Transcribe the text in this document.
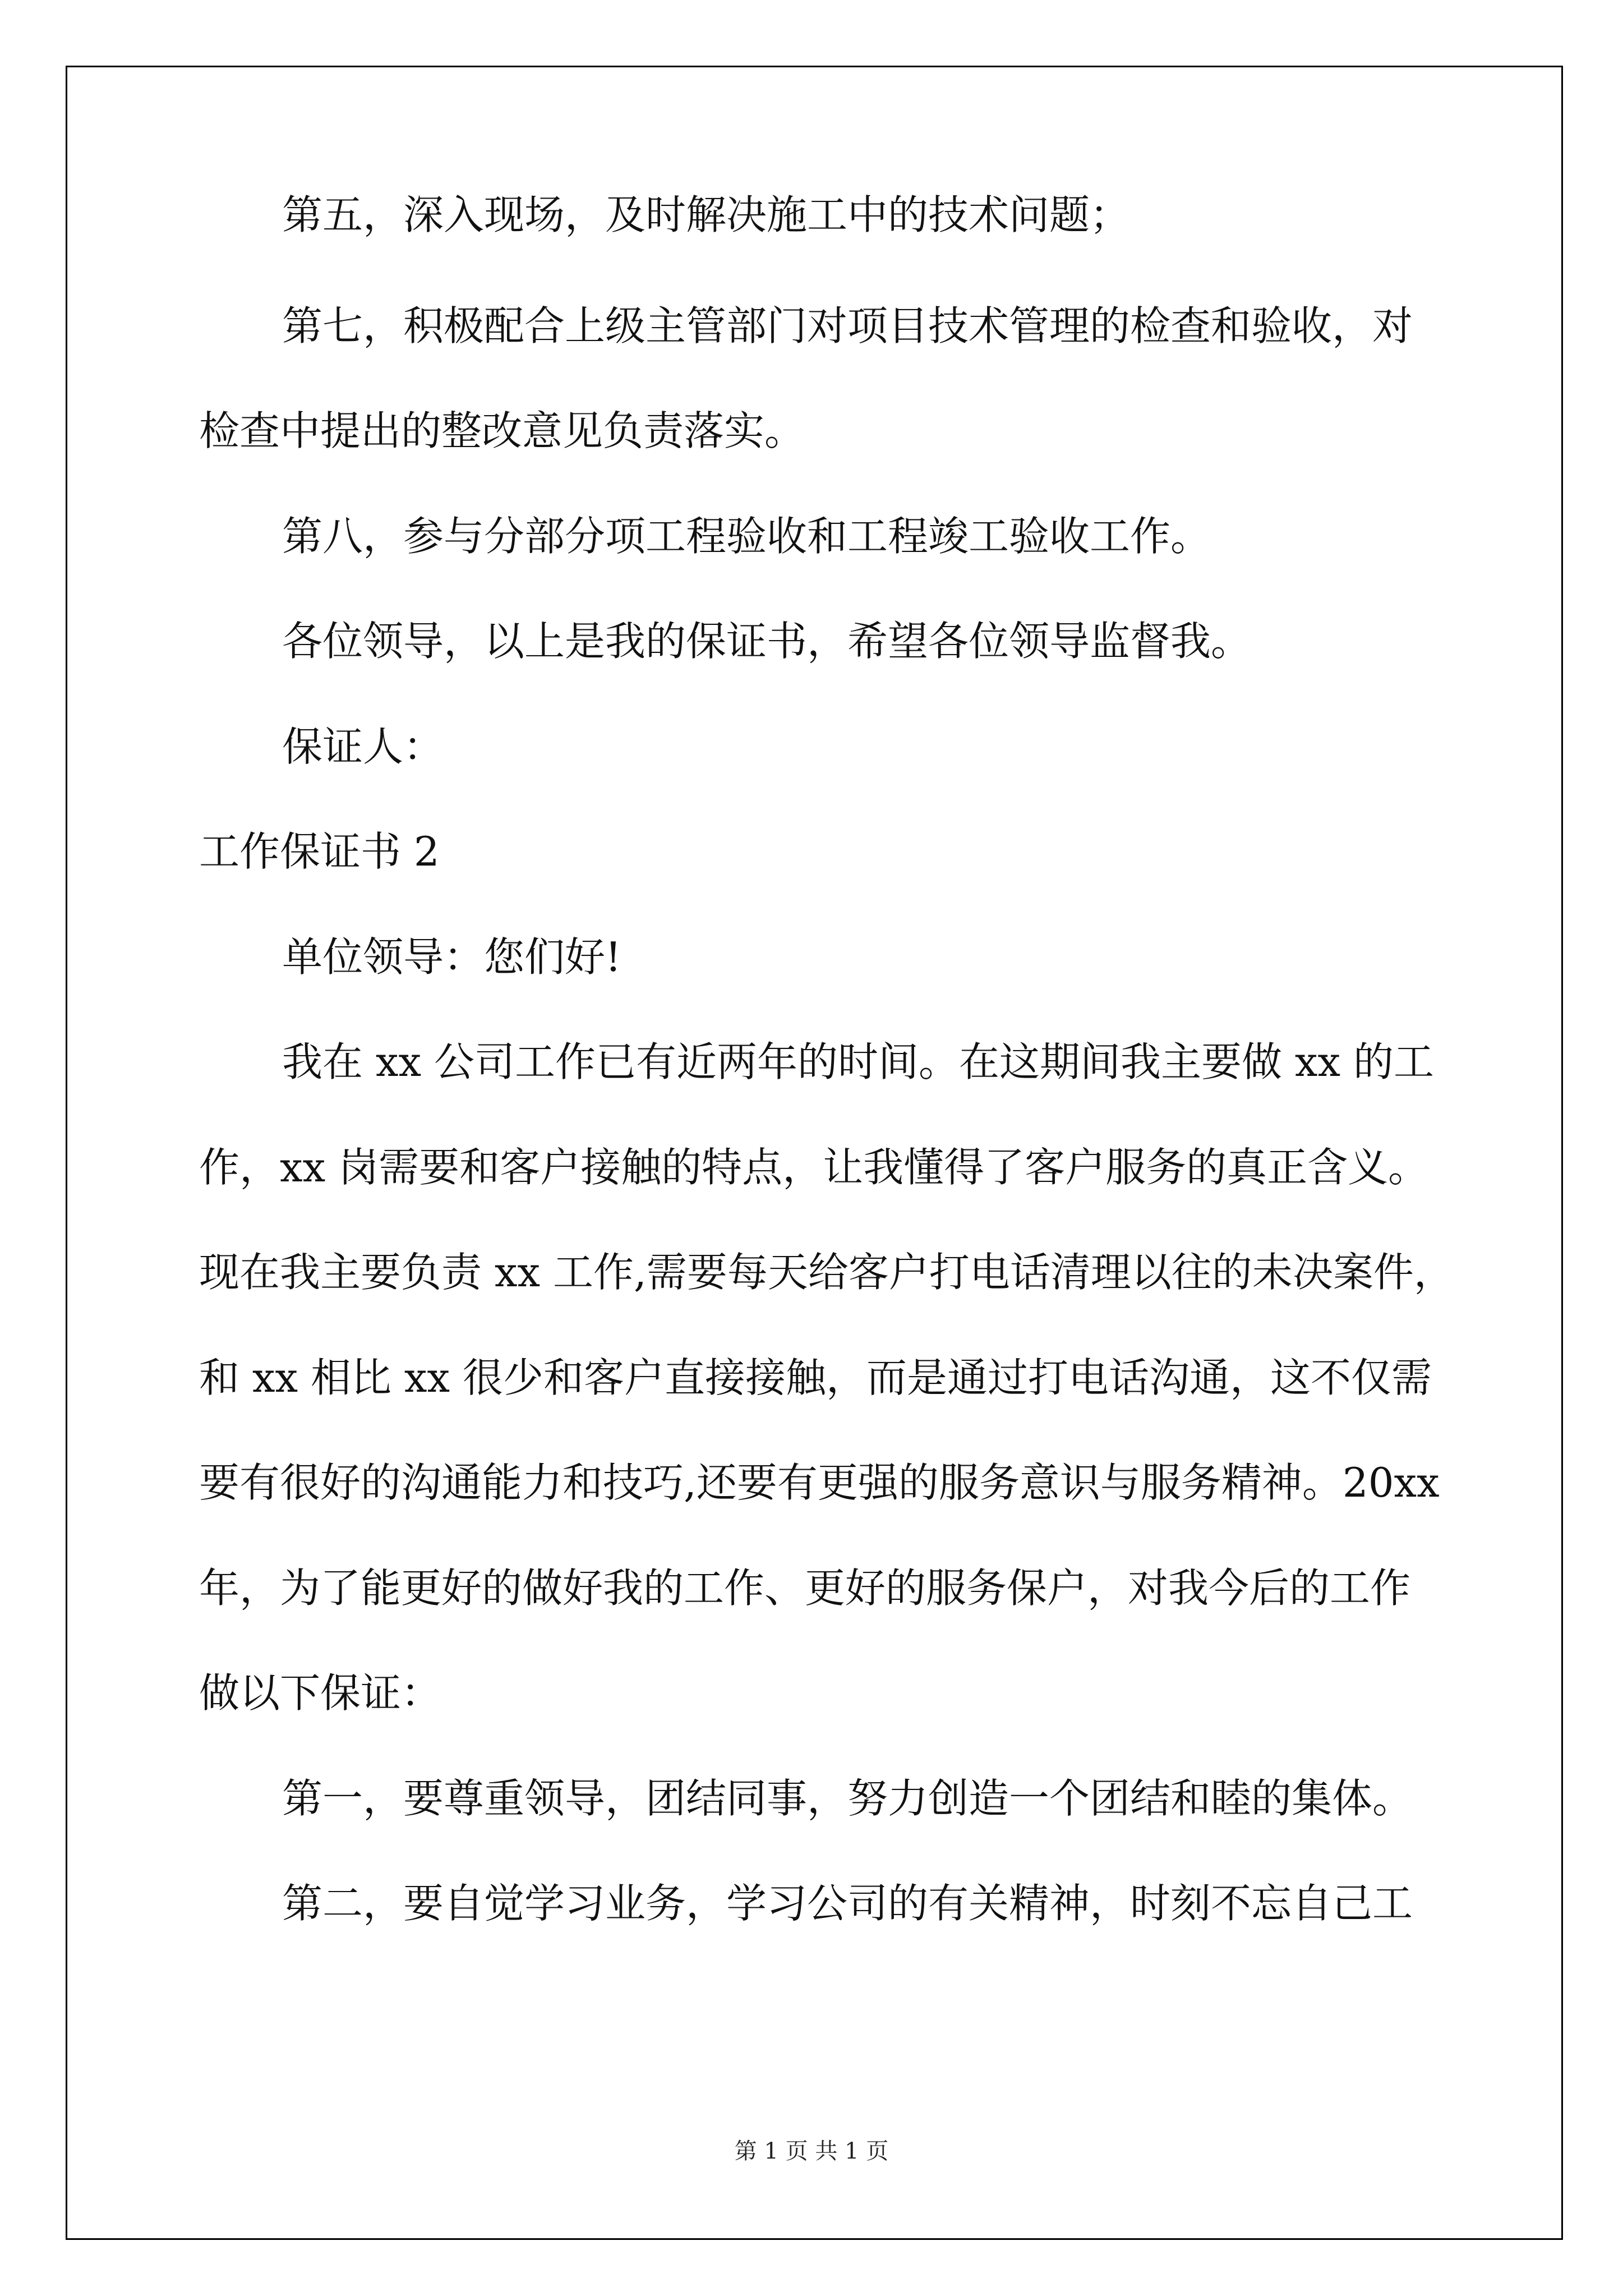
第五，深入现场，及时解决施工中的技术问题；
第七，积极配合上级主管部门对项目技术管理的检查和验收，对
检查中提出的整改意见负责落实。
第八，参与分部分项工程验收和工程竣工验收工作。
各位领导，以上是我的保证书，希望各位领导监督我。
保证人：
工作保证书 2
单位领导：您们好!
我在 xx 公司工作已有近两年的时间。在这期间我主要做 xx 的工
作，xx 岗需要和客户接触的特点，让我懂得了客户服务的真正含义。
现在我主要负责 xx 工作,需要每天给客户打电话清理以往的未决案件，
和 xx 相比 xx 很少和客户直接接触，而是通过打电话沟通，这不仅需
要有很好的沟通能力和技巧,还要有更强的服务意识与服务精神。20xx
年，为了能更好的做好我的工作、更好的服务保户，对我今后的工作
做以下保证：
第一，要尊重领导，团结同事，努力创造一个团结和睦的集体。
第二，要自觉学习业务，学习公司的有关精神，时刻不忘自己工
第 1 页 共 1 页
